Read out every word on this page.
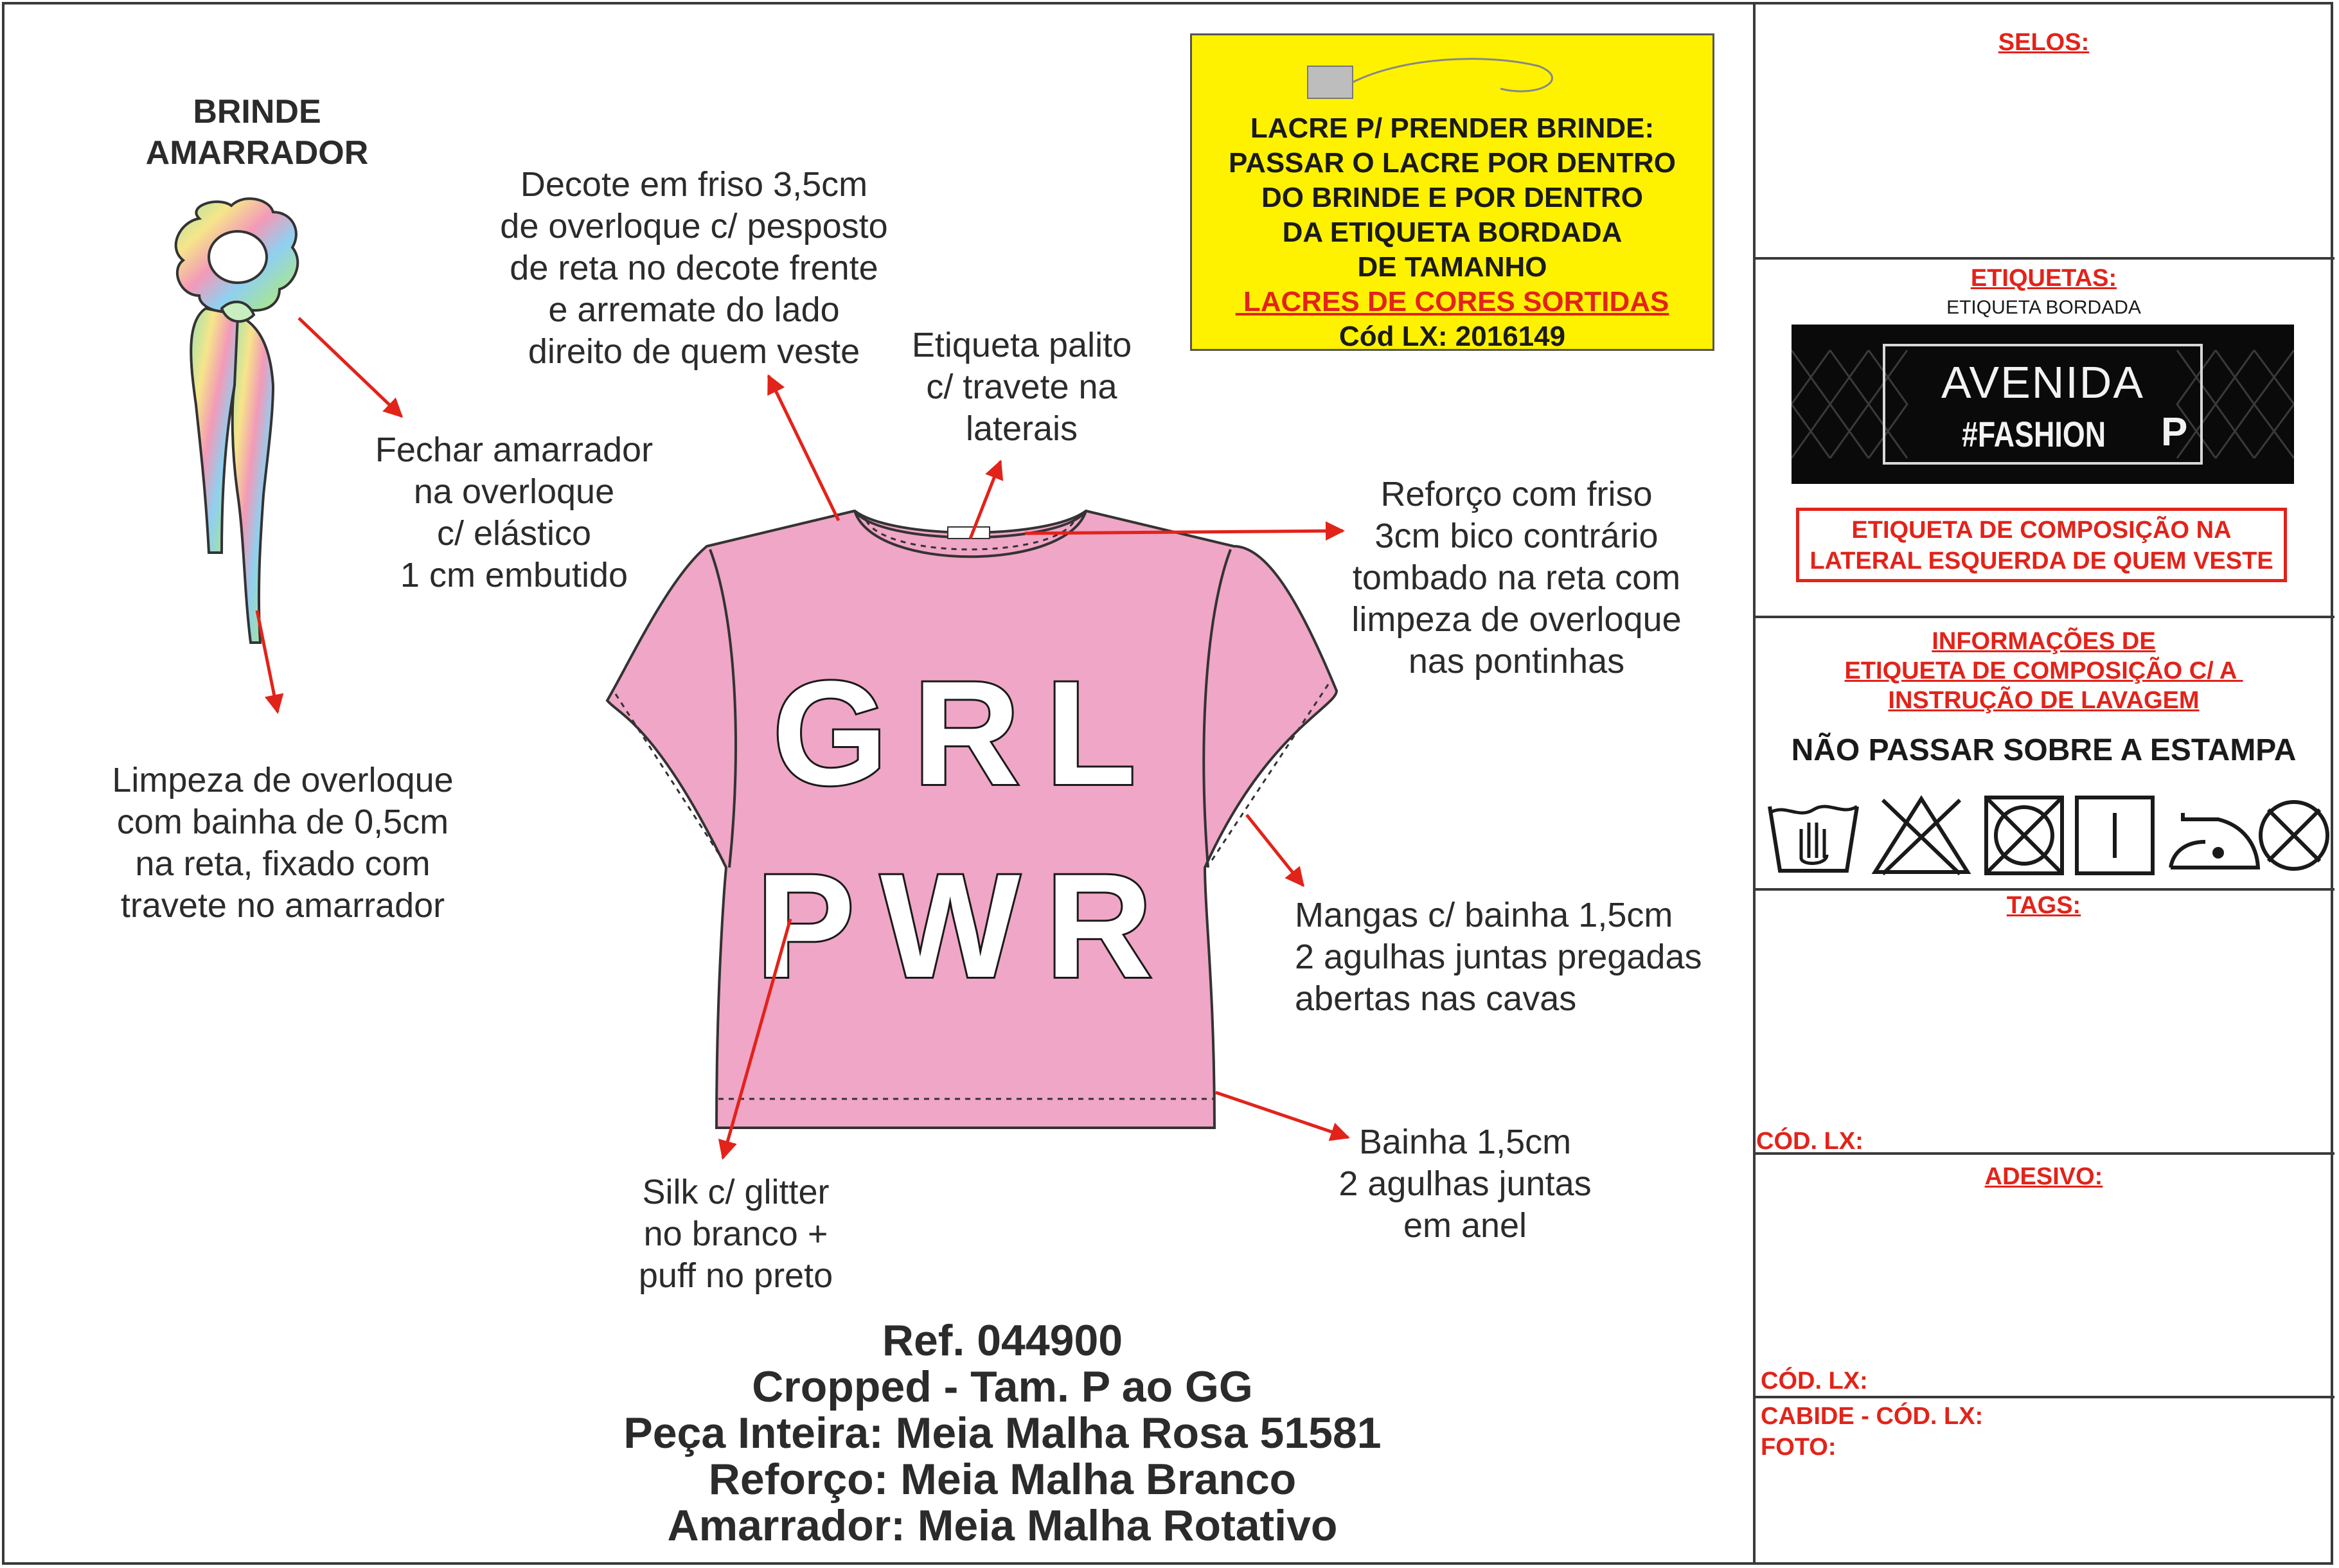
BRINDE
AMARRADOR
Decote em friso 3,5cm
de overloque c/ pesposto
de reta no decote frente
e arremate do lado
direito de quem veste	Etiqueta palito
c/ travete na
laterais
Fechar amarrador
na overloque
c/ elástico
1 cm embutido
Reforço com friso
3cm bico contrário
tombado na reta com
limpeza de overloque
nas pontinhas
Limpeza de overloque
com bainha de 0,5cm
na reta, fixado com
travete no amarrador	Mangas c/ bainha 1,5cm
2 agulhas juntas pregadas
abertas nas cavas
Bainha 1,5cm
2 agulhas juntas
em anel
Silk c/ glitter
no branco +
puff no preto
GRL
PWR
LACRE P/ PRENDER BRINDE:
PASSAR O LACRE POR DENTRO
DO BRINDE E POR DENTRO
DA ETIQUETA BORDADA
DE TAMANHO
LACRES DE CORES SORTIDAS
Cód LX: 2016149
Ref. 044900
Cropped - Tam. P ao GG
Peça Inteira: Meia Malha Rosa 51581
Reforço: Meia Malha Branco
Amarrador: Meia Malha Rotativo
SELOS:
ETIQUETAS:
ETIQUETA BORDADA
AVENIDA
#FASHION P
ETIQUETA DE COMPOSIÇÃO NA
LATERAL ESQUERDA DE QUEM VESTE
INFORMAÇÕES DE
ETIQUETA DE COMPOSIÇÃO C/ A
INSTRUÇÃO DE LAVAGEM
NÃO PASSAR SOBRE A ESTAMPA
TAGS:
CÓD. LX:
ADESIVO:
CÓD. LX:
CABIDE - CÓD. LX:
FOTO:
